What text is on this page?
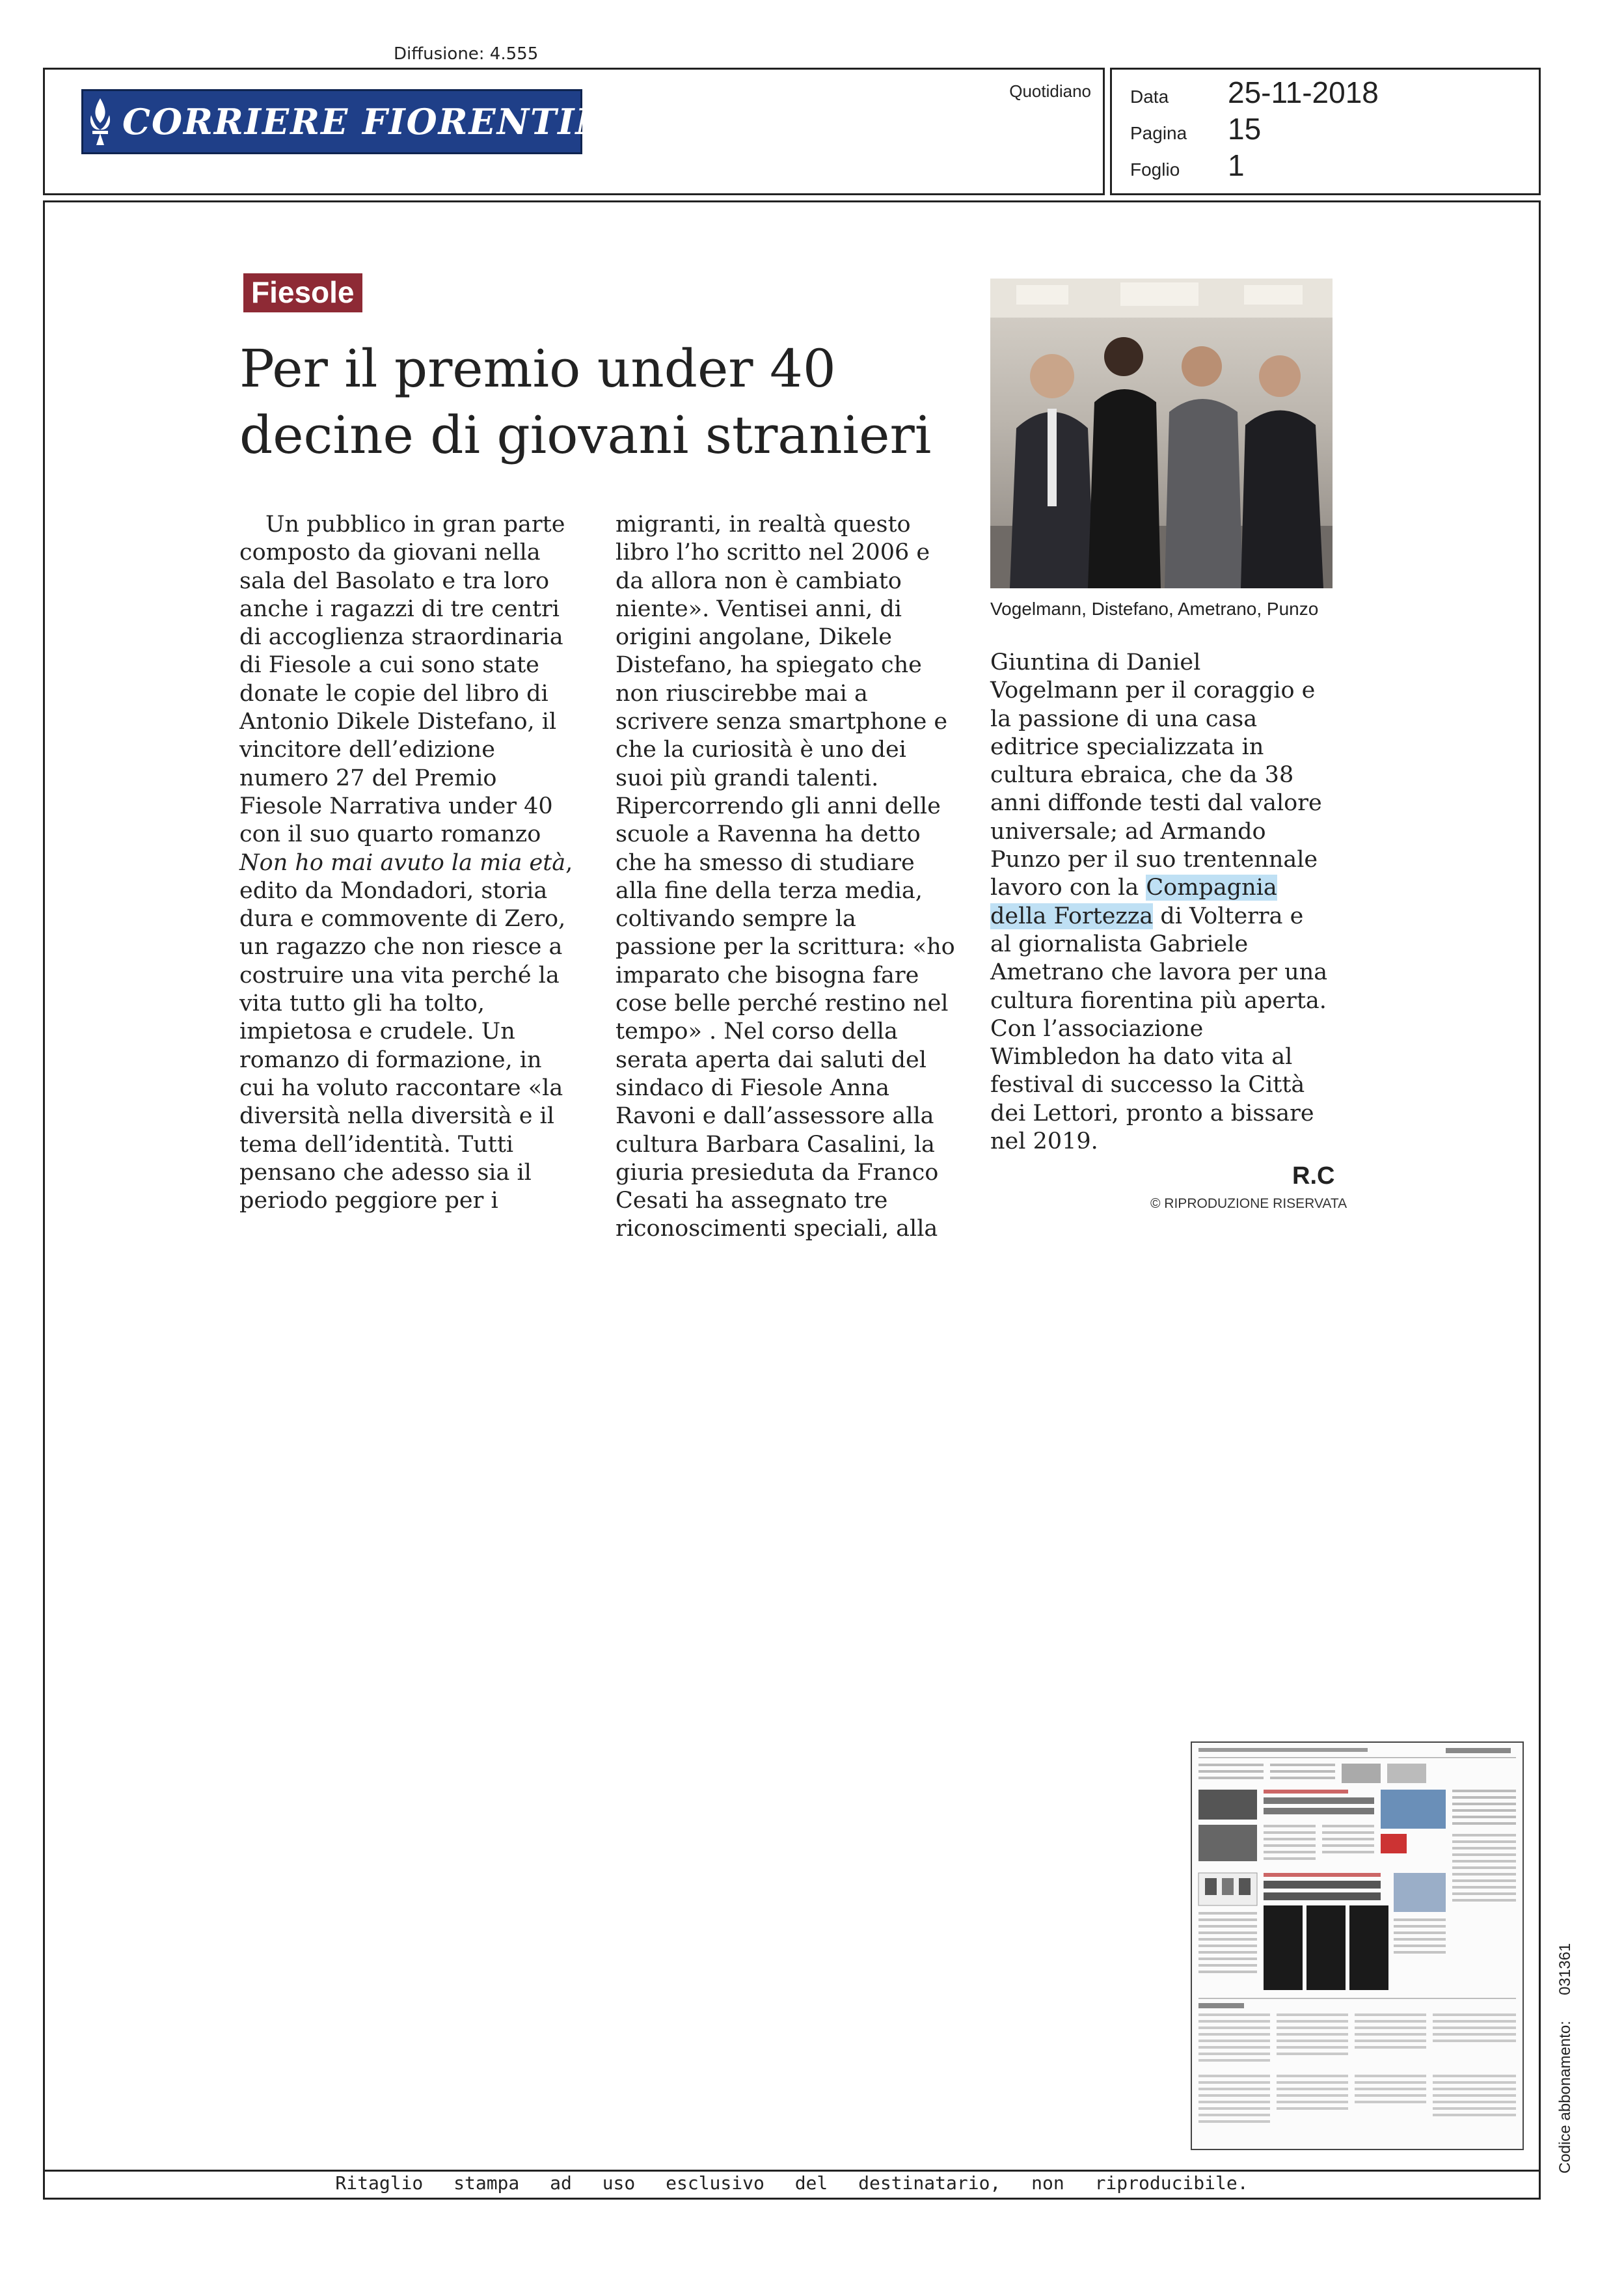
Diffusione: 4.555
CORRIERE FIORENTINO
Quotidiano Data	25-11-2018
Pagina	15
Foglio	1
Fiesole
Per il premio under 40
decine di giovani stranieri

Un pubblico in gran parte composto da giovani nella sala del Basolato e tra loro anche i ragazzi di tre centri di accoglienza straordinaria di Fiesole a cui sono state donate le copie del libro di Antonio Dikele Distefano, il vincitore dell’edizione numero 27 del Premio Fiesole Narrativa under 40 con il suo quarto romanzo Non ho mai avuto la mia età, edito da Mondadori, storia dura e commovente di Zero, un ragazzo che non riesce a costruire una vita perché la vita tutto gli ha tolto, impietosa e crudele. Un romanzo di formazione, in cui ha voluto raccontare «la diversità nella diversità e il tema dell’identità. Tutti pensano che adesso sia il periodo peggiore per i

migranti, in realtà questo libro l’ho scritto nel 2006 e da allora non è cambiato niente». Ventisei anni, di origini angolane, Dikele Distefano, ha spiegato che non riuscirebbe mai a scrivere senza smartphone e che la curiosità è uno dei suoi più grandi talenti. Ripercorrendo gli anni delle scuole a Ravenna ha detto che ha smesso di studiare alla fine della terza media, coltivando sempre la passione per la scrittura: «ho imparato che bisogna fare cose belle perché restino nel tempo» . Nel corso della serata aperta dai saluti del sindaco di Fiesole Anna Ravoni e dall’assessore alla cultura Barbara Casalini, la giuria presieduta da Franco Cesati ha assegnato tre riconoscimenti speciali, alla

Vogelmann, Distefano, Ametrano, Punzo

Giuntina di Daniel Vogelmann per il coraggio e la passione di una casa editrice specializzata in cultura ebraica, che da 38 anni diffonde testi dal valore universale; ad Armando Punzo per il suo trentennale lavoro con la Compagnia della Fortezza di Volterra e al giornalista Gabriele Ametrano che lavora per una cultura fiorentina più aperta. Con l’associazione Wimbledon ha dato vita al festival di successo la Città dei Lettori, pronto a bissare nel 2019.

R.C
© RIPRODUZIONE RISERVATA
Codice abbonamento:  031361
Ritaglio stampa ad uso esclusivo del destinatario, non riproducibile.
